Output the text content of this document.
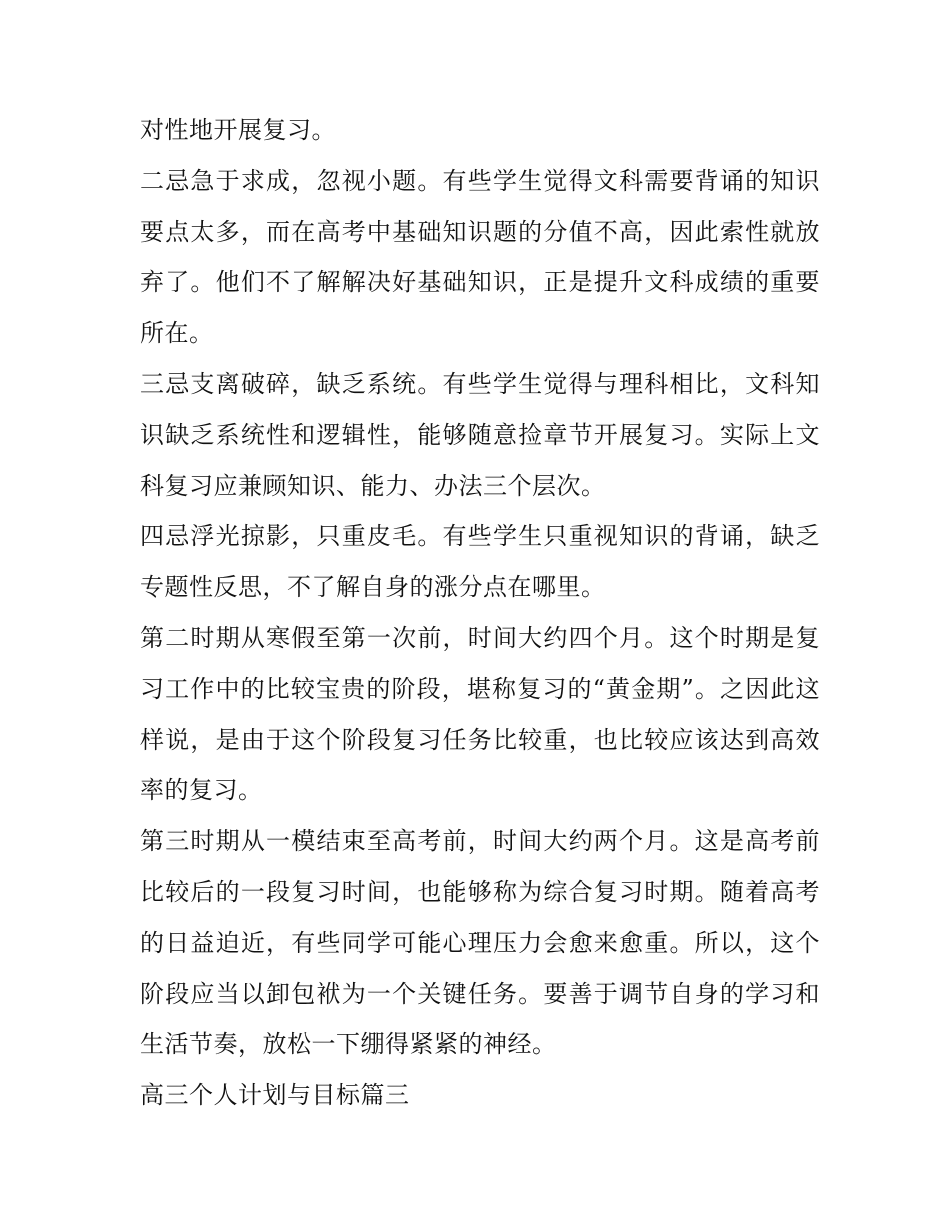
对性地开展复习。

二忌急于求成，忽视小题。有些学生觉得文科需要背诵的知识要点太多，而在高考中基础知识题的分值不高，因此索性就放弃了。他们不了解解决好基础知识，正是提升文科成绩的重要所在。

三忌支离破碎，缺乏系统。有些学生觉得与理科相比，文科知识缺乏系统性和逻辑性，能够随意捡章节开展复习。实际上文科复习应兼顾知识、能力、办法三个层次。

四忌浮光掠影，只重皮毛。有些学生只重视知识的背诵，缺乏专题性反思，不了解自身的涨分点在哪里。

第二时期从寒假至第一次前，时间大约四个月。这个时期是复习工作中的比较宝贵的阶段，堪称复习的“黄金期”。之因此这样说，是由于这个阶段复习任务比较重，也比较应该达到高效率的复习。

第三时期从一模结束至高考前，时间大约两个月。这是高考前比较后的一段复习时间，也能够称为综合复习时期。随着高考的日益迫近，有些同学可能心理压力会愈来愈重。所以，这个阶段应当以卸包袱为一个关键任务。要善于调节自身的学习和生活节奏，放松一下绷得紧紧的神经。

高三个人计划与目标篇三
